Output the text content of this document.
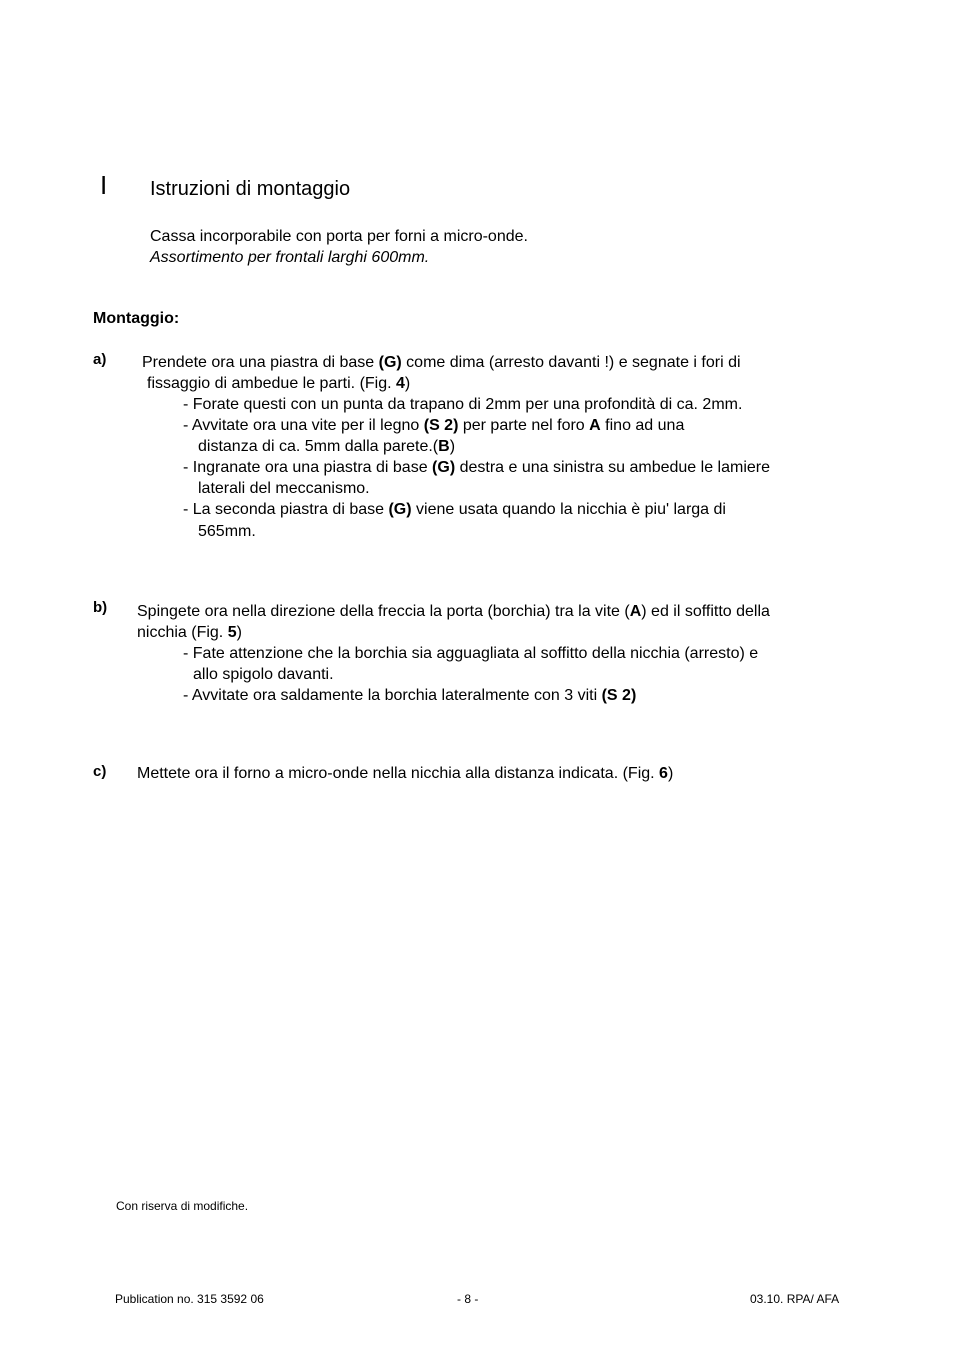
I Istruzioni di montaggio
Cassa incorporabile con porta per forni a micro-onde.
Assortimento per frontali larghi 600mm.
Montaggio:
a) Prendete ora una piastra di base (G) come dima (arresto davanti !) e segnate i fori di
fissaggio di ambedue le parti. (Fig. 4)
- Forate questi con un punta da trapano di 2mm per una profondità di ca. 2mm.
- Avvitate ora una vite per il legno (S 2) per parte nel foro A fino ad una
distanza di ca. 5mm dalla parete.(B)
- Ingranate ora una piastra di base (G) destra e una sinistra su ambedue le lamiere
laterali del meccanismo.
- La seconda piastra di base (G) viene usata quando la nicchia è piu' larga di
565mm.
b) Spingete ora nella direzione della freccia la porta (borchia) tra la vite (A) ed il soffitto della
nicchia (Fig. 5)
- Fate attenzione che la borchia sia agguagliata al soffitto della nicchia (arresto) e
allo spigolo davanti.
- Avvitate ora saldamente la borchia lateralmente con 3 viti (S 2)
c) Mettete ora il forno a micro-onde nella nicchia alla distanza indicata. (Fig. 6)
Con riserva di modifiche.
Publication no. 315 3592 06	- 8 -	03.10. RPA/ AFA
